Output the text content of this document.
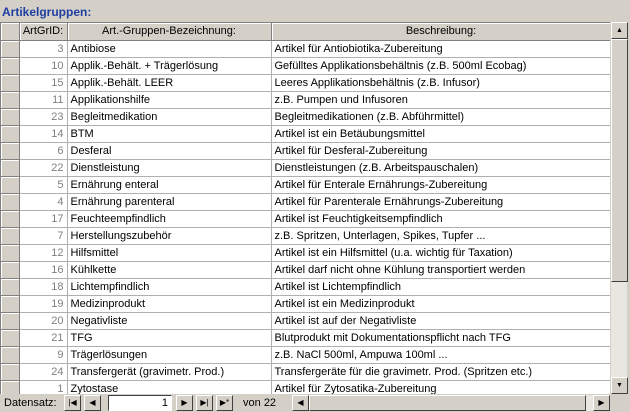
Artikelgruppen:
	ArtGrID:	Art.-Gruppen-Bezeichnung:	Beschreibung:
	3	Antibiose	Artikel für Antiobiotika-Zubereitung
	10	Applik.-Behält. + Trägerlösung	Gefülltes Applikationsbehältnis (z.B. 500ml Ecobag)
	15	Applik.-Behält. LEER	Leeres Applikationsbehältnis (z.B. Infusor)
	11	Applikationshilfe	z.B. Pumpen und Infusoren
	23	Begleitmedikation	Begleitmedikationen (z.B. Abführmittel)
	14	BTM	Artikel ist ein Betäubungsmittel
	6	Desferal	Artikel für Desferal-Zubereitung
	22	Dienstleistung	Dienstleistungen (z.B. Arbeitspauschalen)
	5	Ernährung enteral	Artikel für Enterale Ernährungs-Zubereitung
	4	Ernährung parenteral	Artikel für Parenterale Ernährungs-Zubereitung
	17	Feuchteempfindlich	Artikel ist Feuchtigkeitsempfindlich
	7	Herstellungszubehör	z.B. Spritzen, Unterlagen, Spikes, Tupfer ...
	12	Hilfsmittel	Artikel ist ein Hilfsmittel (u.a. wichtig für Taxation)
	16	Kühlkette	Artikel darf nicht ohne Kühlung transportiert werden
	18	Lichtempfindlich	Artikel ist Lichtempfindlich
	19	Medizinprodukt	Artikel ist ein Medizinprodukt
	20	Negativliste	Artikel ist auf der Negativliste
	21	TFG	Blutprodukt mit Dokumentationspflicht nach TFG
	9	Trägerlösungen	z.B. NaCl 500ml, Ampuwa 100ml ...
	24	Transfergerät (gravimetr. Prod.)	Transfergeräte für die gravimetr. Prod. (Spritzen etc.)
	1	Zytostase	Artikel für Zytosatika-Zubereitung
▲
▼
Datensatz:	|◀	◀	1	▶	▶|	▶*	von 22	◀	▶
